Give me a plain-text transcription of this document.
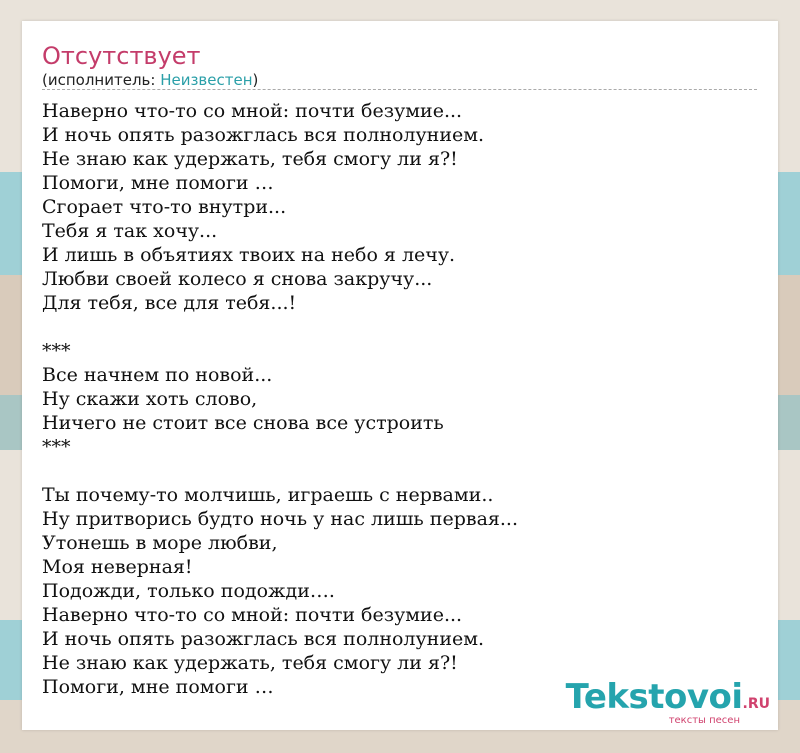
Отсутствует
(исполнитель: Неизвестен)
Наверно что-то со мной: почти безумие...
И ночь опять разожглась вся полнолунием.
Не знаю как удержать, тебя смогу ли я?!
Помоги, мне помоги …
Сгорает что-то внутри...
Тебя я так хочу...
И лишь в объятиях твоих на небо я лечу.
Любви своей колесо я снова закручу...
Для тебя, все для тебя...!
***
Все начнем по новой...
Ну скажи хоть слово,
Ничего не стоит все снова все устроить
***
Ты почему-то молчишь, играешь с нервами..
Ну притворись будто ночь у нас лишь первая...
Утонешь в море любви,
Моя неверная!
Подожди, только подожди….
Наверно что-то со мной: почти безумие...
И ночь опять разожглась вся полнолунием.
Не знаю как удержать, тебя смогу ли я?!
Помоги, мне помоги …	Tekstovoi.RU
тексты песен
